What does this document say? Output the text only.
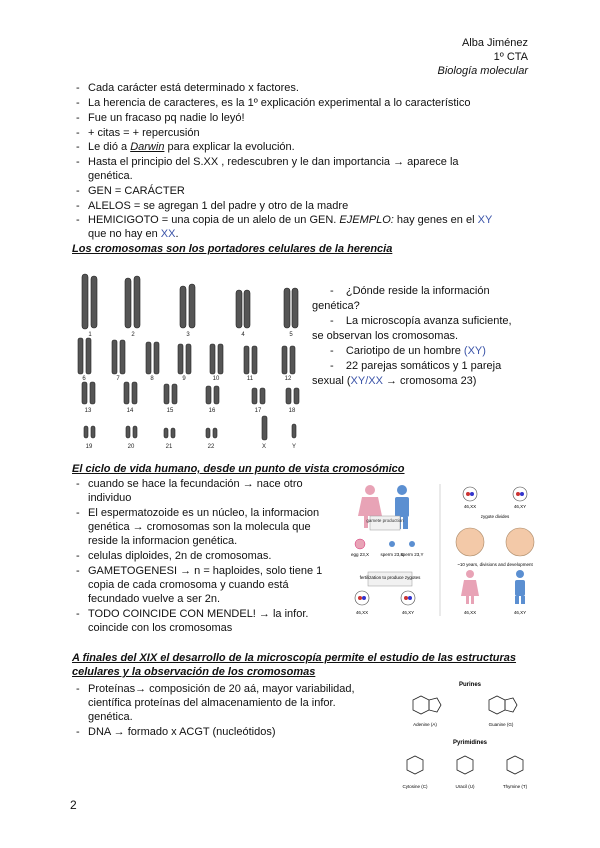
Alba Jiménez
1º CTA
Biología molecular
- Cada carácter está determinado x factores.
- La herencia de caracteres, es la 1º explicación experimental a lo característico
- Fue un fracaso pq nadie lo leyó!
- + citas = + repercusión
- Le dió a Darwin para explicar la evolución.
- Hasta el principio del S.XX , redescubren y le dan importancia → aparece la
genética.
- GEN = CARÁCTER
- ALELOS = se agregan 1 del padre y otro de la madre
- HEMICIGOTO = una copia de un alelo de un GEN. EJEMPLO: hay genes en el XY
que no hay en XX.
Los cromosomas son los portadores celulares de la herencia
1	2	3	4	5
6	7	8	9	10	11	12
13	14	15	16	17	18
19	20	21	22	X	Y
-    ¿Dónde reside la información
genética?
-    La microscopía avanza suficiente,
se observan los cromosomas.
-    Cariotipo de un hombre (XY)
-    22 parejas somáticos y 1 pareja
sexual (XY/XX → cromosoma 23)
El ciclo de vida humano, desde un punto de vista cromosómico
- cuando se hace la fecundación → nace otro
individuo
- El espermatozoide es un núcleo, la informacion
genética → cromosomas son la molecula que
reside la informacion genética.
- celulas diploides, 2n de cromosomas.
- GAMETOGENESI → n = haploides, solo tiene 1
copia de cada cromosoma y cuando está
fecundado vuelve a ser 2n.
- TODO COINCIDE CON MENDEL! → la infor.
coincide con los cromosomas
gamete production
egg 23,X	sperm 23,X
sperm 23,Y
fertilization to produce zygotes
46,XX	46,XY
46,XX	46,XY
zygote divides
~10 years, divisions and development
46,XX	46,XY
A finales del XIX el desarrollo de la microscopía permite el estudio de las estructuras
celulares y la observación de los cromosomas
- Proteínas→ composición de 20 aá, mayor variabilidad,
científica proteínas del almacenamiento de la infor.
genética.
- DNA → formado x ACGT (nucleótidos)
Purines
Adenine (A)	Guanine (G)
Pyrimidines
Cytosine (C)	Uracil (U)	Thymine (T)
2
